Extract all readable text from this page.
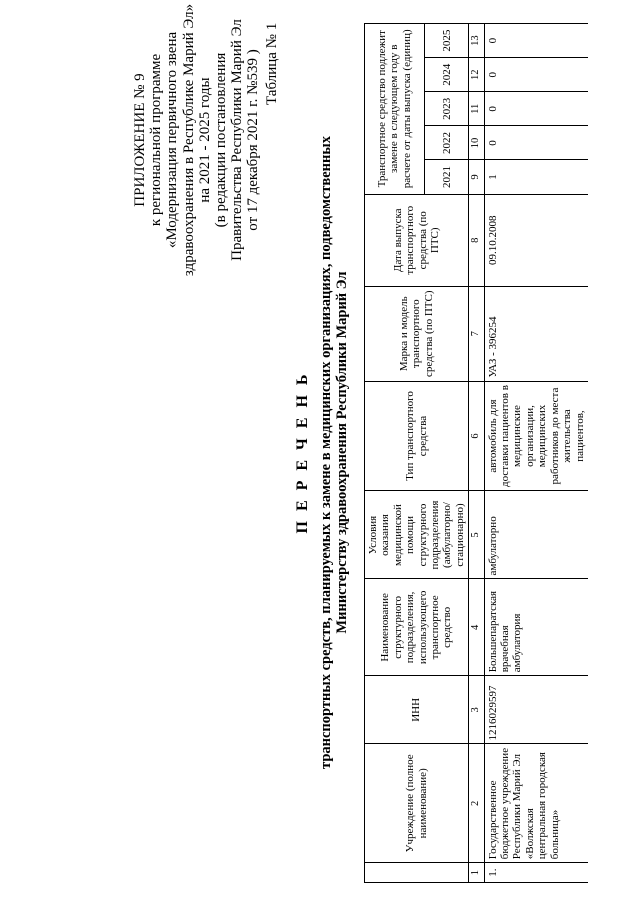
ПРИЛОЖЕНИЕ № 9 к региональной программе «Модернизация первичного звена здравоохранения в Республике Марий Эл» на 2021 - 2025 годы (в редакции постановления Правительства Республики Марий Эл от 17 декабря 2021 г. №539 ) Таблица № 1
П Е Р Е Ч Е Н Ь транспортных средств, планируемых к замене в медицинских организациях, подведомственных Министерству здравоохранения Республики Марий Эл
	Учреждение (полное наименование)	ИНН	Наименование структурного подразделения, использующего транспортное средство	Условия оказания медицинской помощи структурного подразделения (амбулаторно/стационарно)	Тип транспортного средства	Марка и модель транспортного средства (по ПТС)	Дата выпуска транспортного средства (по ПТС)	Транспортное средство подлежит замене в следующем году в расчете от даты выпуска (единиц)				
								2021	2022	2023	2024	2025
1	2	3	4	5	6	7	8	9	10	11	12	13
1.	Государственное бюджетное учреждение Республики Марий Эл «Волжская центральная городская больница»	1216029597	Большепаратская врачебная амбулатория	амбулаторно	автомобиль для доставки пациентов в медицинские организации, медицинских работников до места жительства пациентов,	УАЗ - 396254	09.10.2008	1	0	0	0	0
